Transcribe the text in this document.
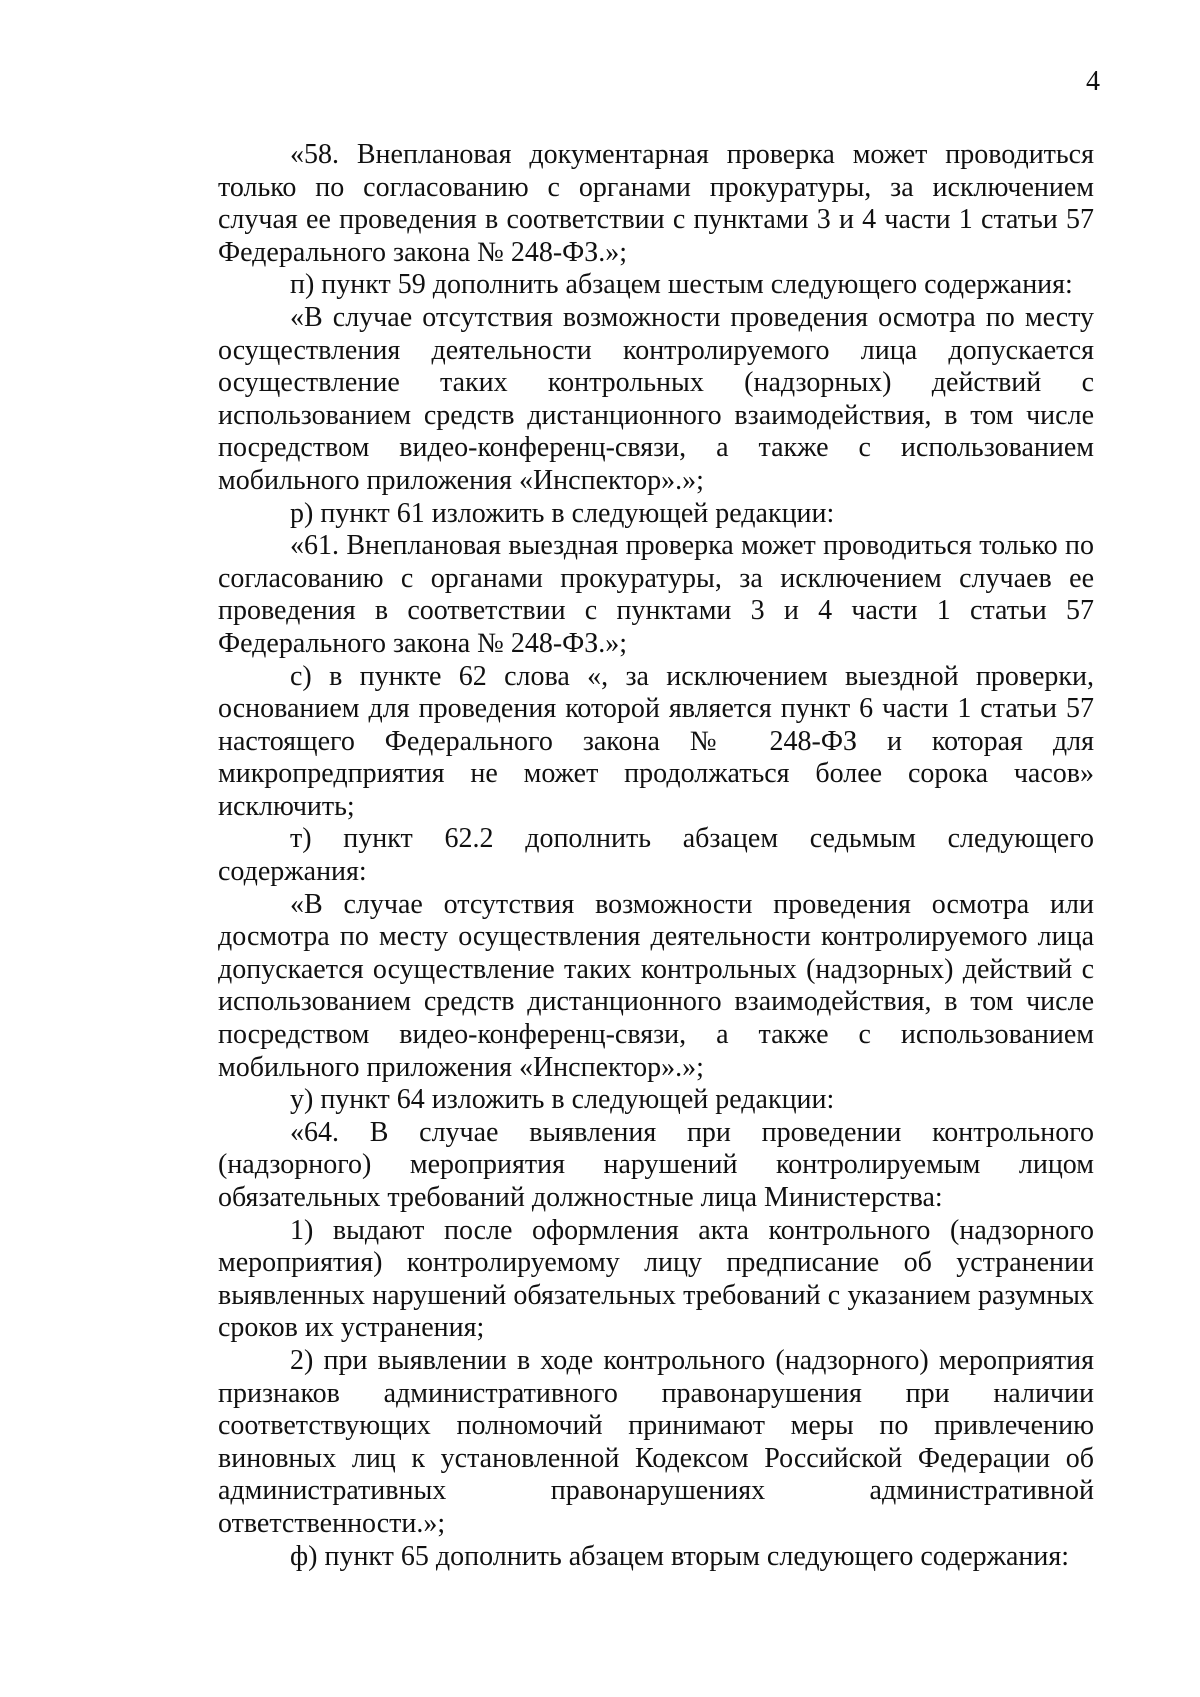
4

«58. Внеплановая документарная проверка может проводиться только по согласованию с органами прокуратуры, за исключением случая ее проведения в соответствии с пунктами 3 и 4 части 1 статьи 57 Федерального закона № 248-ФЗ.»;

п) пункт 59 дополнить абзацем шестым следующего содержания:

«В случае отсутствия возможности проведения осмотра по месту осуществления деятельности контролируемого лица допускается осуществление таких контрольных (надзорных) действий с использованием средств дистанционного взаимодействия, в том числе посредством видео-конференц-связи, а также с использованием мобильного приложения «Инспектор».»;

р) пункт 61 изложить в следующей редакции:

«61. Внеплановая выездная проверка может проводиться только по согласованию с органами прокуратуры, за исключением случаев ее проведения в соответствии с пунктами 3 и 4 части 1 статьи 57 Федерального закона № 248-ФЗ.»;

с) в пункте 62 слова «, за исключением выездной проверки, основанием для проведения которой является пункт 6 части 1 статьи 57 настоящего Федерального закона № 248-ФЗ и которая для микропредприятия не может продолжаться более сорока часов» исключить;

т) пункт 62.2 дополнить абзацем седьмым следующего содержания:

«В случае отсутствия возможности проведения осмотра или досмотра по месту осуществления деятельности контролируемого лица допускается осуществление таких контрольных (надзорных) действий с использованием средств дистанционного взаимодействия, в том числе посредством видео-конференц-связи, а также с использованием мобильного приложения «Инспектор».»;

у) пункт 64 изложить в следующей редакции:

«64. В случае выявления при проведении контрольного (надзорного) мероприятия нарушений контролируемым лицом обязательных требований должностные лица Министерства:

1) выдают после оформления акта контрольного (надзорного мероприятия) контролируемому лицу предписание об устранении выявленных нарушений обязательных требований с указанием разумных сроков их устранения;

2) при выявлении в ходе контрольного (надзорного) мероприятия признаков административного правонарушения при наличии соответствующих полномочий принимают меры по привлечению виновных лиц к установленной Кодексом Российской Федерации об административных правонарушениях административной ответственности.»;

ф) пункт 65 дополнить абзацем вторым следующего содержания:
